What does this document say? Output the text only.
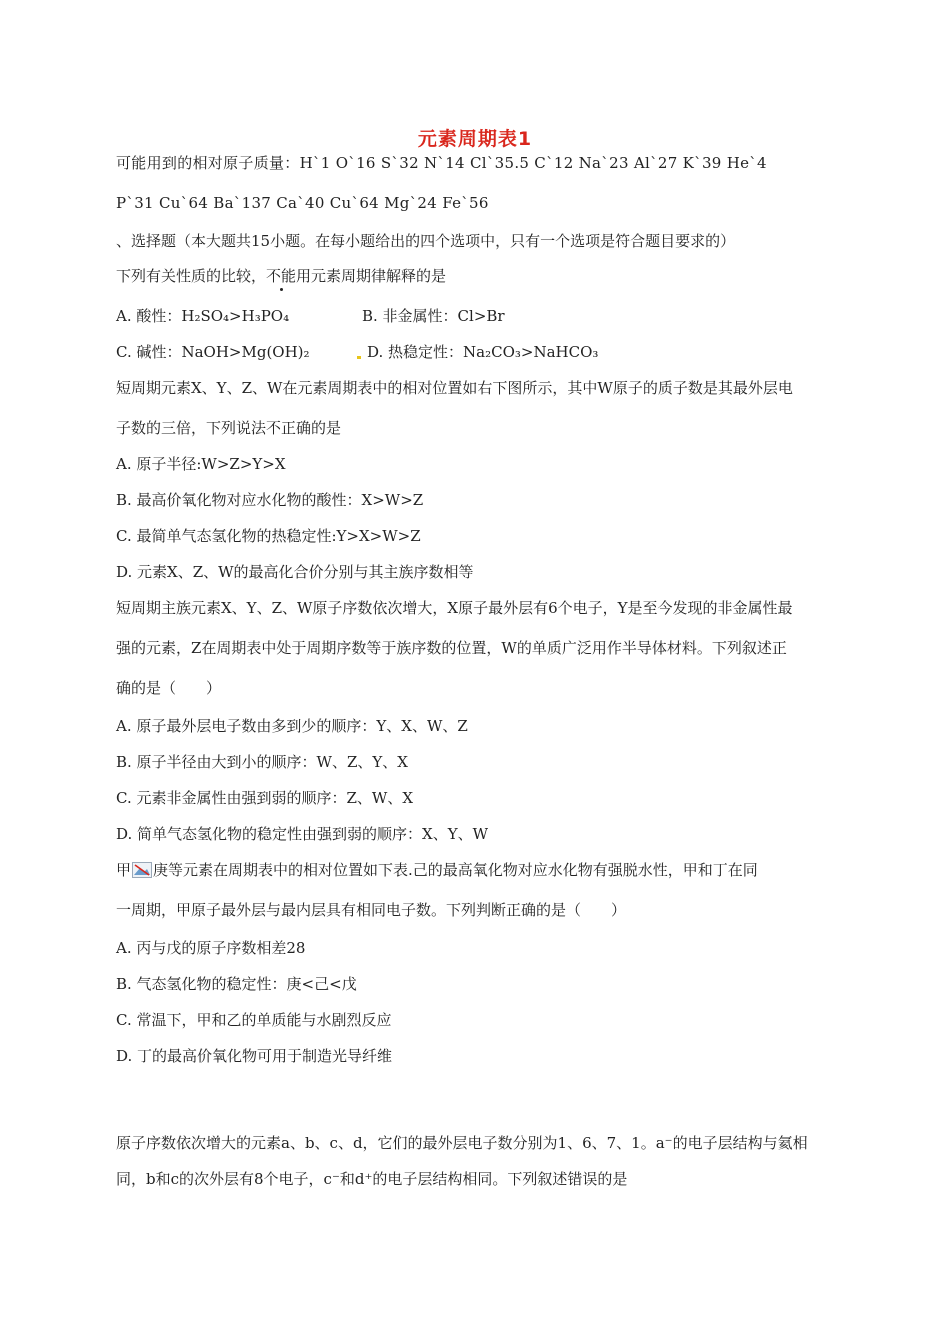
元素周期表1
可能用到的相对原子质量：H`1 O`16 S`32 N`14 Cl`35.5 C`12 Na`23 Al`27 K`39 He`4
P`31 Cu`64 Ba`137 Ca`40 Cu`64 Mg`24 Fe`56
、选择题（本大题共15小题。在每小题给出的四个选项中，只有一个选项是符合题目要求的）
下列有关性质的比较，不能用元素周期律解释的是
A. 酸性：H₂SO₄>H₃PO₄	B. 非金属性：Cl>Br
C. 碱性：NaOH>Mg(OH)₂	D. 热稳定性：Na₂CO₃>NaHCO₃
短周期元素X、Y、Z、W在元素周期表中的相对位置如右下图所示，其中W原子的质子数是其最外层电
子数的三倍，下列说法不正确的是
A. 原子半径:W>Z>Y>X
B. 最高价氧化物对应水化物的酸性：X>W>Z
C. 最简单气态氢化物的热稳定性:Y>X>W>Z
D. 元素X、Z、W的最高化合价分别与其主族序数相等
短周期主族元素X、Y、Z、W原子序数依次增大，X原子最外层有6个电子，Y是至今发现的非金属性最
强的元素，Z在周期表中处于周期序数等于族序数的位置，W的单质广泛用作半导体材料。下列叙述正
确的是（　　）
A. 原子最外层电子数由多到少的顺序：Y、X、W、Z
B. 原子半径由大到小的顺序：W、Z、Y、X
C. 元素非金属性由强到弱的顺序：Z、W、X
D. 简单气态氢化物的稳定性由强到弱的顺序：X、Y、W
甲 庚等元素在周期表中的相对位置如下表.己的最高氧化物对应水化物有强脱水性，甲和丁在同
一周期，甲原子最外层与最内层具有相同电子数。下列判断正确的是（　　）
A. 丙与戊的原子序数相差28
B. 气态氢化物的稳定性：庚<己<戊
C. 常温下，甲和乙的单质能与水剧烈反应
D. 丁的最高价氧化物可用于制造光导纤维
原子序数依次增大的元素a、b、c、d，它们的最外层电子数分别为1、6、7、1。a⁻的电子层结构与氦相
同，b和c的次外层有8个电子，c⁻和d⁺的电子层结构相同。下列叙述错误的是
